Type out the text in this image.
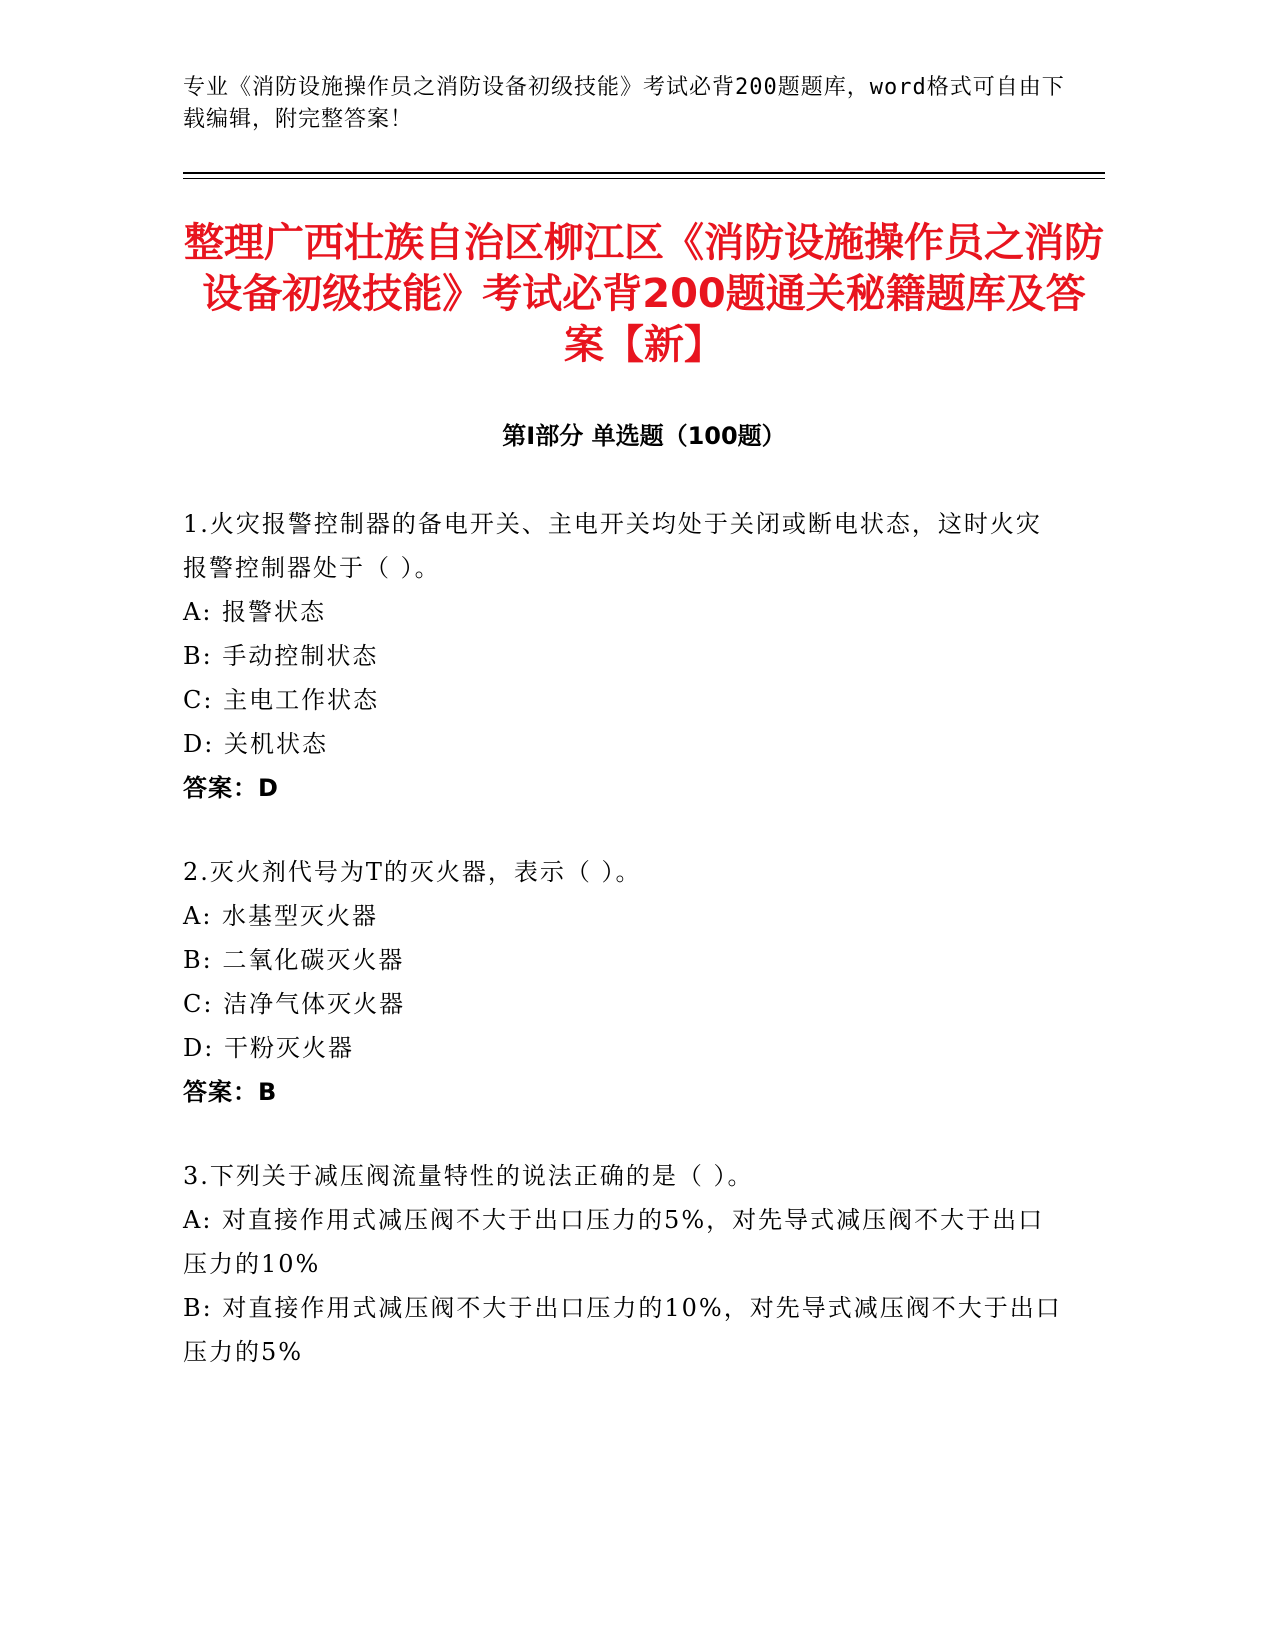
专业《消防设施操作员之消防设备初级技能》考试必背200题题库，word格式可自由下载编辑，附完整答案！
整理广西壮族自治区柳江区《消防设施操作员之消防设备初级技能》考试必背200题通关秘籍题库及答案【新】
第I部分 单选题（100题）
1.火灾报警控制器的备电开关、主电开关均处于关闭或断电状态，这时火灾报警控制器处于（ ）。
A: 报警状态
B: 手动控制状态
C: 主电工作状态
D: 关机状态
答案：D
2.灭火剂代号为T的灭火器，表示（ ）。
A: 水基型灭火器
B: 二氧化碳灭火器
C: 洁净气体灭火器
D: 干粉灭火器
答案：B
3.下列关于减压阀流量特性的说法正确的是（ ）。
A: 对直接作用式减压阀不大于出口压力的5%，对先导式减压阀不大于出口压力的10%
B: 对直接作用式减压阀不大于出口压力的10%，对先导式减压阀不大于出口压力的5%
